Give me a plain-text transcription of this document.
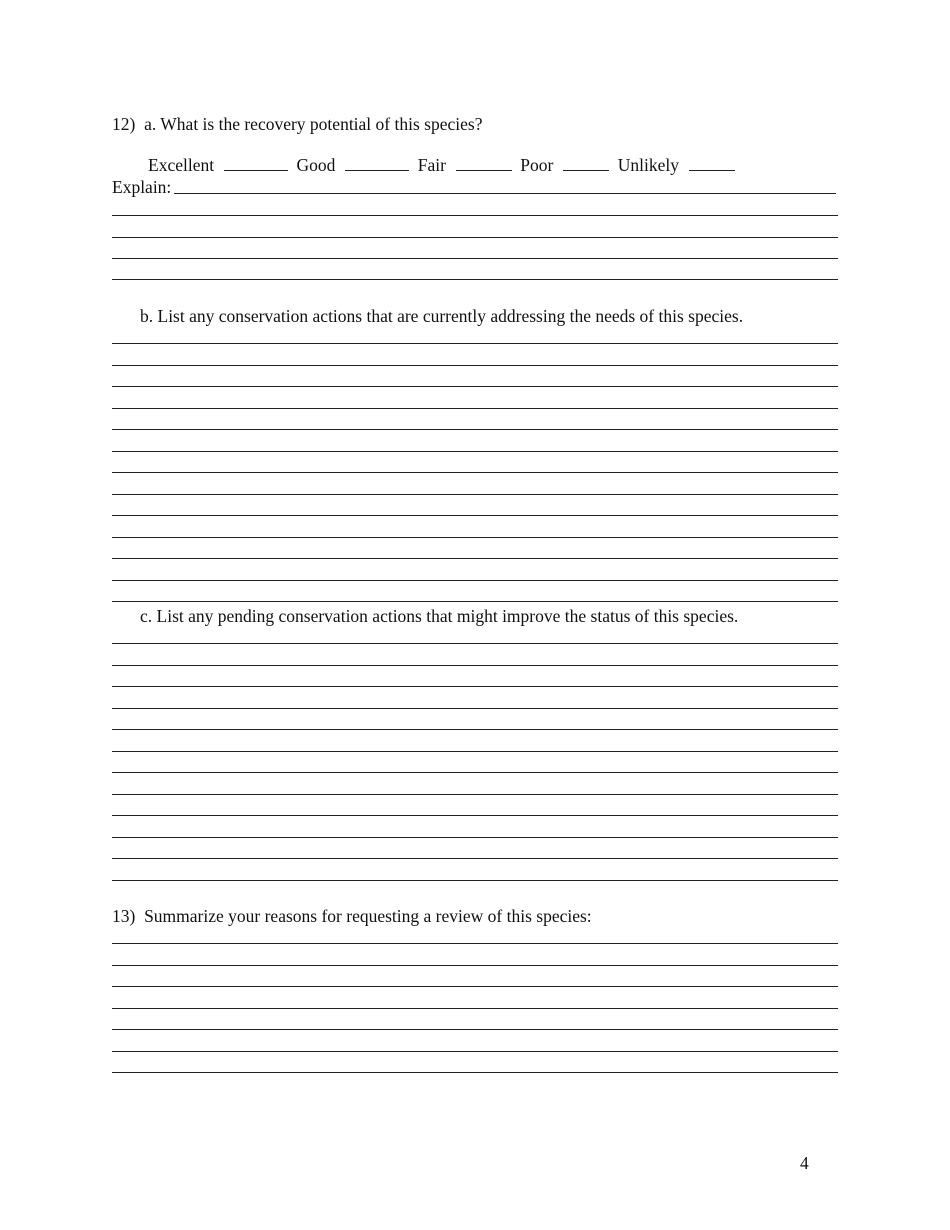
12) a. What is the recovery potential of this species?
Excellent	Good	Fair	Poor	Unlikely
Explain:
b. List any conservation actions that are currently addressing the needs of this species.
c. List any pending conservation actions that might improve the status of this species.
13) Summarize your reasons for requesting a review of this species:
4
